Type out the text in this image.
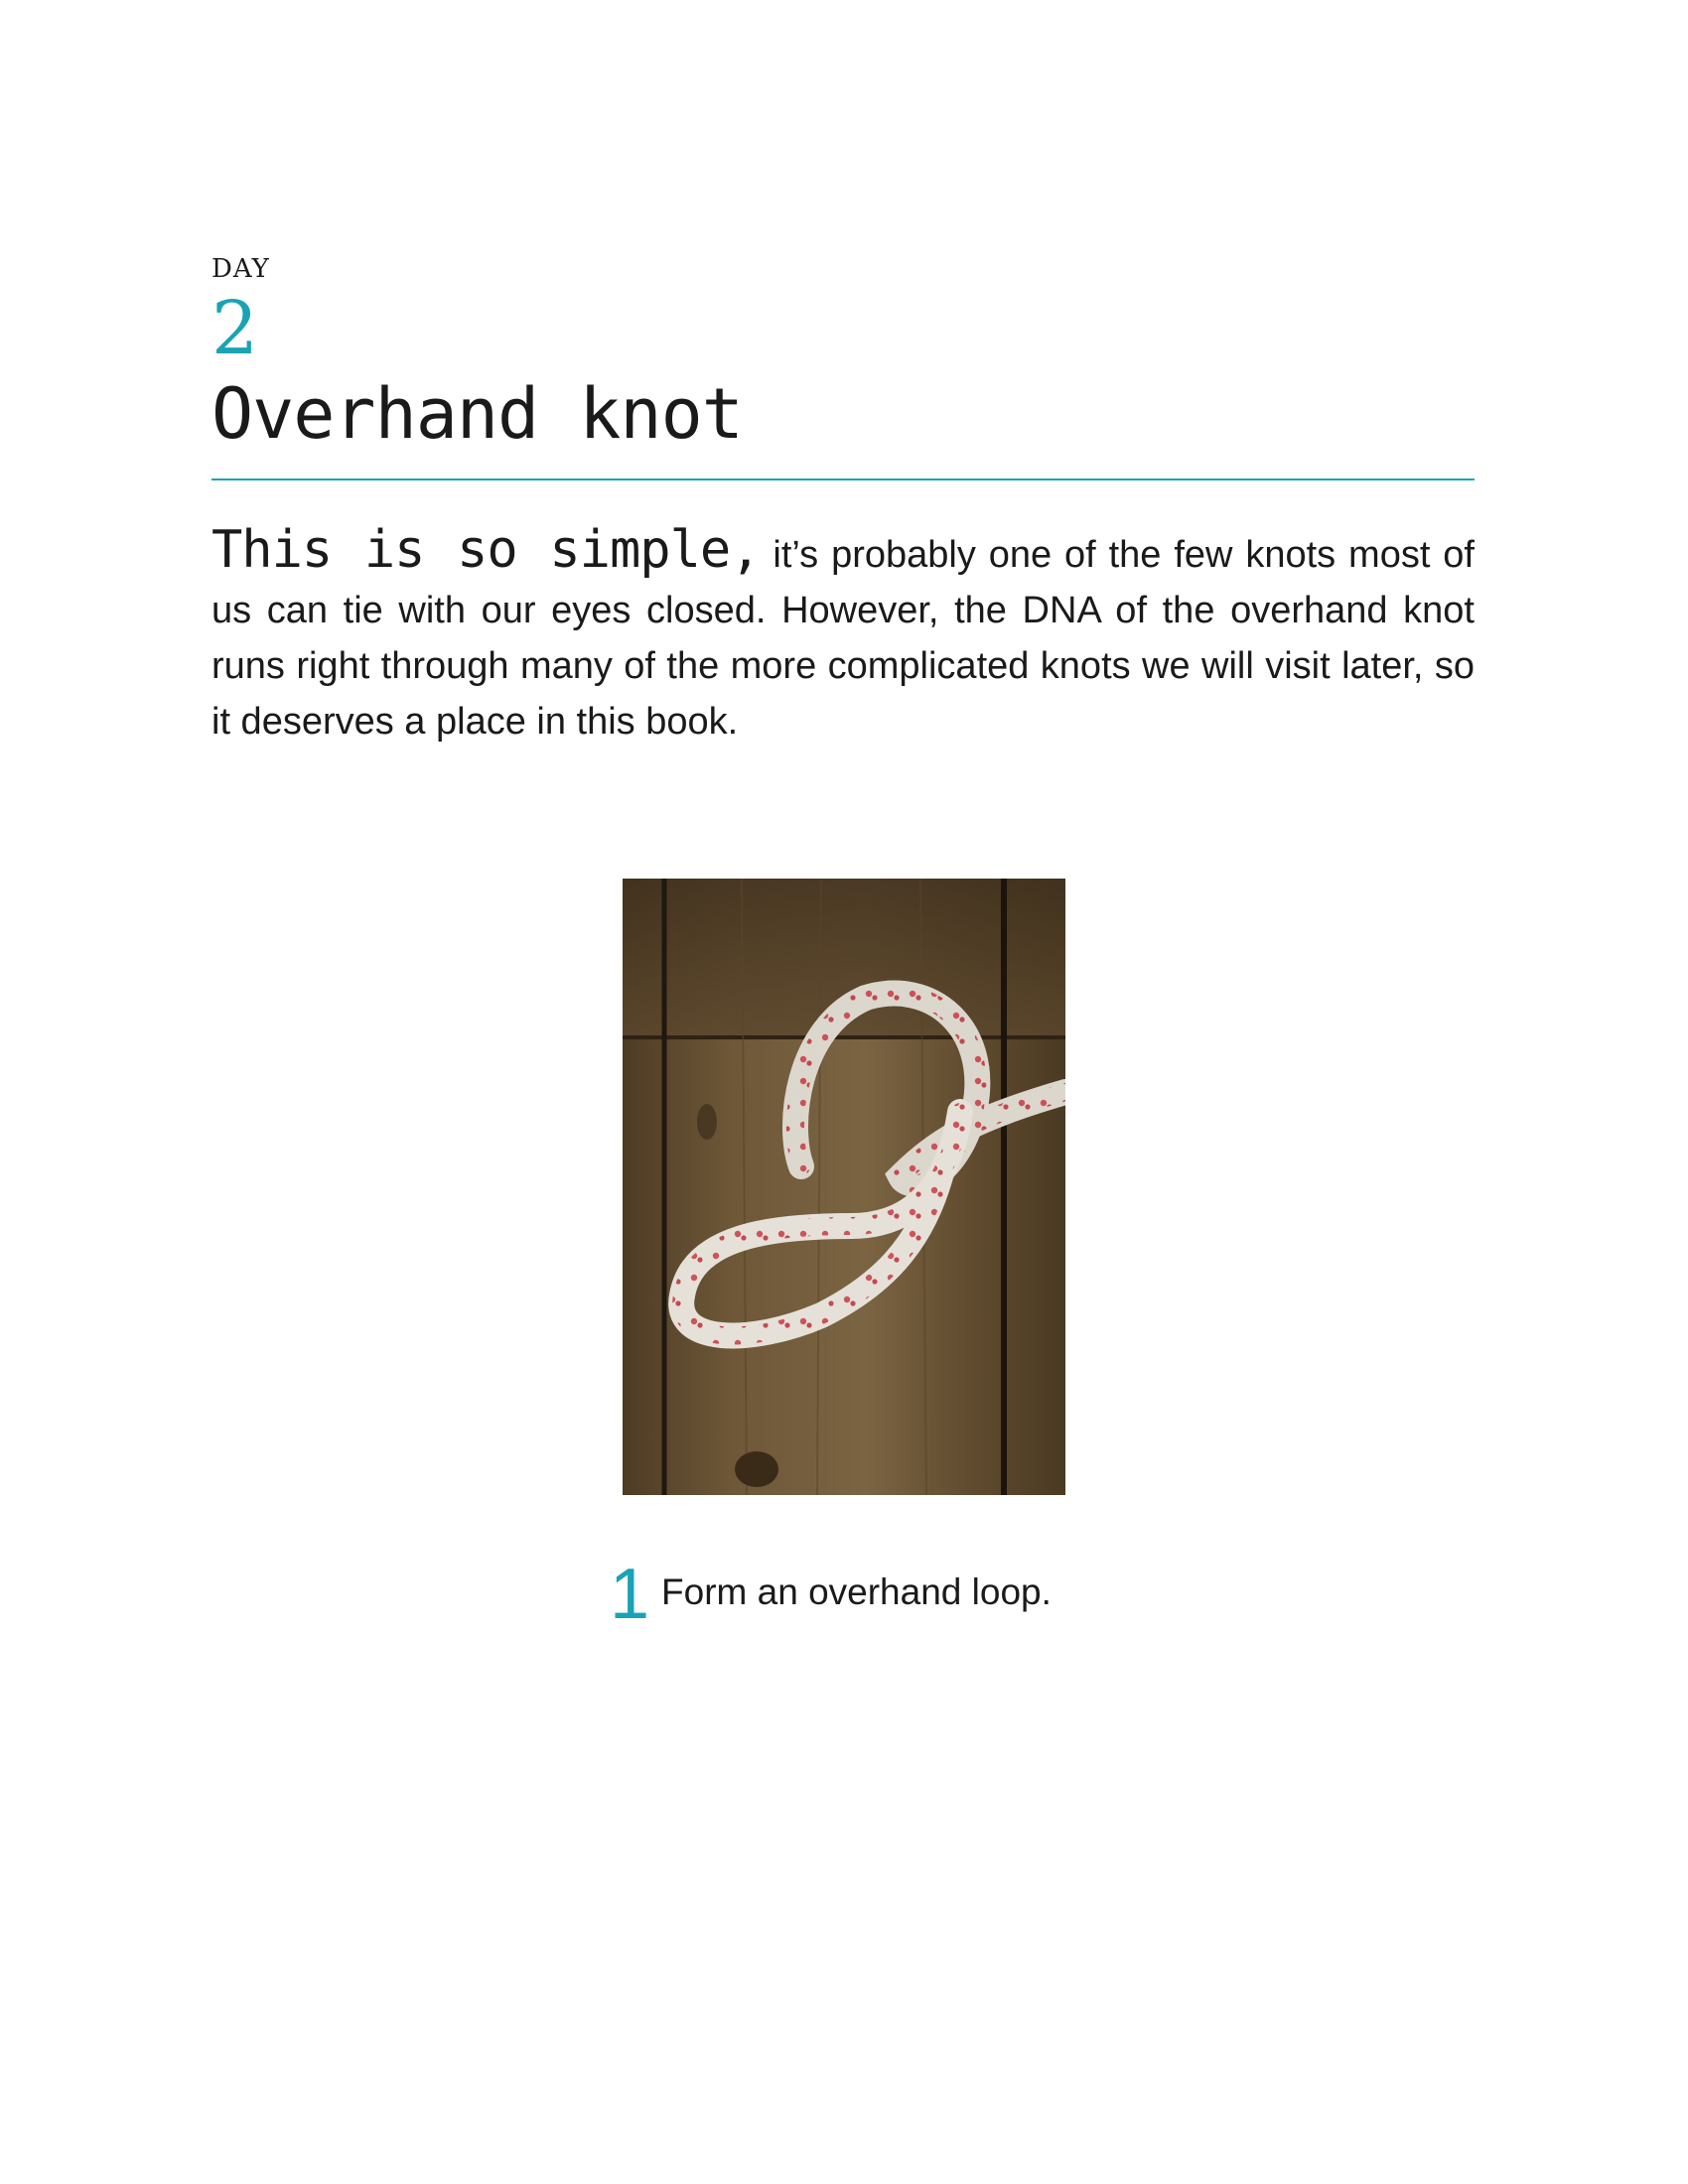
DAY
2
Overhand knot

This is so simple, it’s probably one of the few knots most of us can tie with our eyes closed. However, the DNA of the overhand knot runs right through many of the more complicated knots we will visit later, so it deserves a place in this book.

1 Form an overhand loop.
